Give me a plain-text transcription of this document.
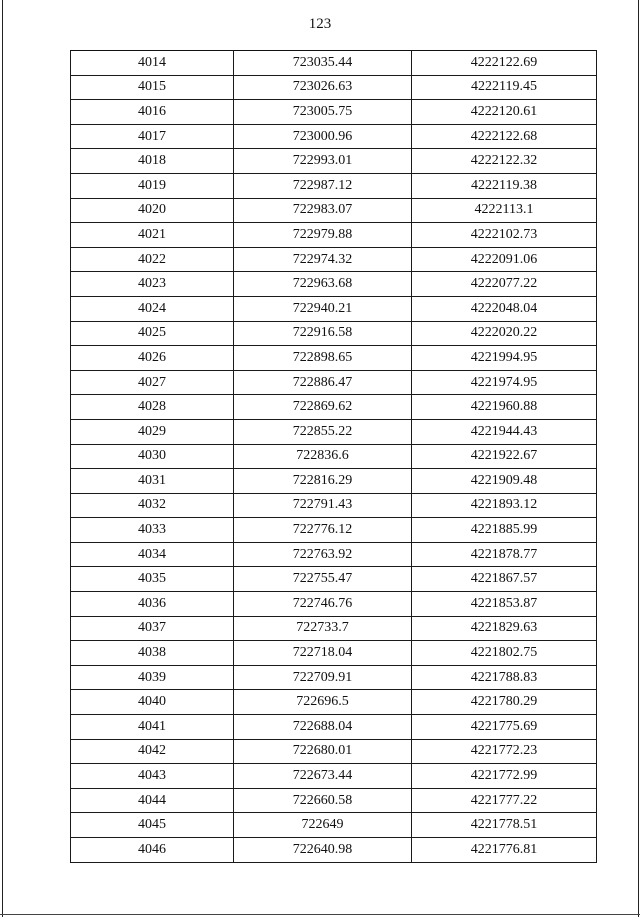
123
4014	723035.44	4222122.69
4015	723026.63	4222119.45
4016	723005.75	4222120.61
4017	723000.96	4222122.68
4018	722993.01	4222122.32
4019	722987.12	4222119.38
4020	722983.07	4222113.1
4021	722979.88	4222102.73
4022	722974.32	4222091.06
4023	722963.68	4222077.22
4024	722940.21	4222048.04
4025	722916.58	4222020.22
4026	722898.65	4221994.95
4027	722886.47	4221974.95
4028	722869.62	4221960.88
4029	722855.22	4221944.43
4030	722836.6	4221922.67
4031	722816.29	4221909.48
4032	722791.43	4221893.12
4033	722776.12	4221885.99
4034	722763.92	4221878.77
4035	722755.47	4221867.57
4036	722746.76	4221853.87
4037	722733.7	4221829.63
4038	722718.04	4221802.75
4039	722709.91	4221788.83
4040	722696.5	4221780.29
4041	722688.04	4221775.69
4042	722680.01	4221772.23
4043	722673.44	4221772.99
4044	722660.58	4221777.22
4045	722649	4221778.51
4046	722640.98	4221776.81
